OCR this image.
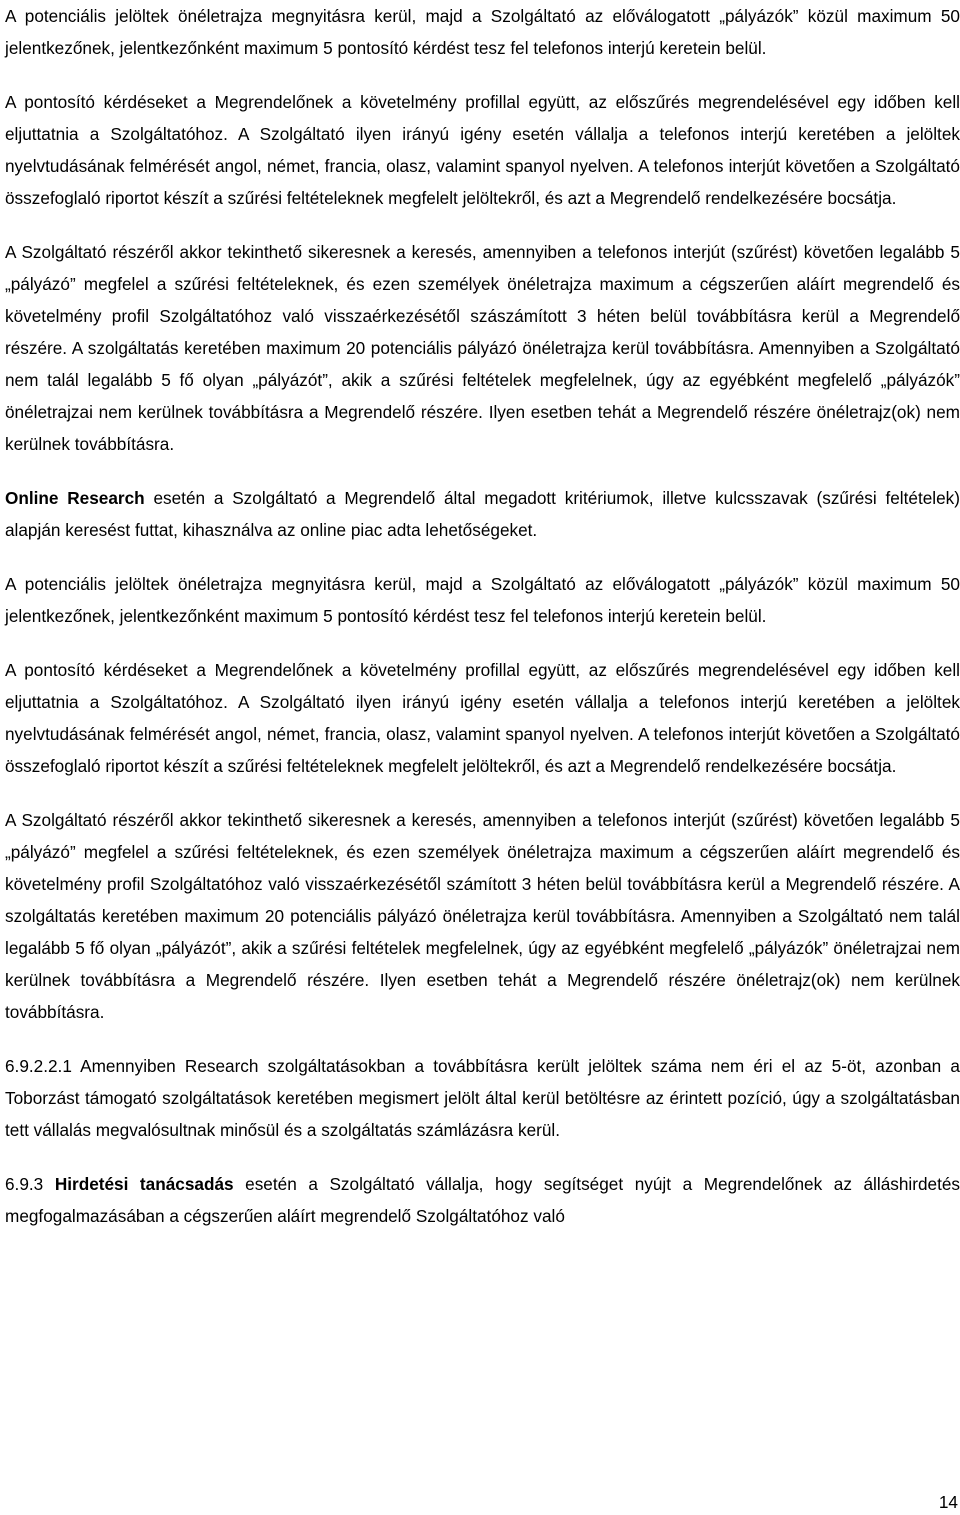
A potenciális jelöltek önéletrajza megnyitásra kerül, majd a Szolgáltató az előválogatott „pályázók” közül maximum 50 jelentkezőnek, jelentkezőnként maximum 5 pontosító kérdést tesz fel telefonos interjú keretein belül.

A pontosító kérdéseket a Megrendelőnek a követelmény profillal együtt, az előszűrés megrendelésével egy időben kell eljuttatnia a Szolgáltatóhoz. A Szolgáltató ilyen irányú igény esetén vállalja a telefonos interjú keretében a jelöltek nyelvtudásának felmérését angol, német, francia, olasz, valamint spanyol nyelven. A telefonos interjút követően a Szolgáltató összefoglaló riportot készít a szűrési feltételeknek megfelelt jelöltekről, és azt a Megrendelő rendelkezésére bocsátja.

A Szolgáltató részéről akkor tekinthető sikeresnek a keresés, amennyiben a telefonos interjút (szűrést) követően legalább 5 „pályázó” megfelel a szűrési feltételeknek, és ezen személyek önéletrajza maximum a cégszerűen aláírt megrendelő és követelmény profil Szolgáltatóhoz való visszaérkezésétől szászámított 3 héten belül továbbításra kerül a Megrendelő részére. A szolgáltatás keretében maximum 20 potenciális pályázó önéletrajza kerül továbbításra. Amennyiben a Szolgáltató nem talál legalább 5 fő olyan „pályázót”, akik a szűrési feltételek megfelelnek, úgy az egyébként megfelelő „pályázók” önéletrajzai nem kerülnek továbbításra a Megrendelő részére. Ilyen esetben tehát a Megrendelő részére önéletrajz(ok) nem kerülnek továbbításra.

Online Research esetén a Szolgáltató a Megrendelő által megadott kritériumok, illetve kulcsszavak (szűrési feltételek) alapján keresést futtat, kihasználva az online piac adta lehetőségeket.

A potenciális jelöltek önéletrajza megnyitásra kerül, majd a Szolgáltató az előválogatott „pályázók” közül maximum 50 jelentkezőnek, jelentkezőnként maximum 5 pontosító kérdést tesz fel telefonos interjú keretein belül.

A pontosító kérdéseket a Megrendelőnek a követelmény profillal együtt, az előszűrés megrendelésével egy időben kell eljuttatnia a Szolgáltatóhoz. A Szolgáltató ilyen irányú igény esetén vállalja a telefonos interjú keretében a jelöltek nyelvtudásának felmérését angol, német, francia, olasz, valamint spanyol nyelven. A telefonos interjút követően a Szolgáltató összefoglaló riportot készít a szűrési feltételeknek megfelelt jelöltekről, és azt a Megrendelő rendelkezésére bocsátja.

A Szolgáltató részéről akkor tekinthető sikeresnek a keresés, amennyiben a telefonos interjút (szűrést) követően legalább 5 „pályázó” megfelel a szűrési feltételeknek, és ezen személyek önéletrajza maximum a cégszerűen aláírt megrendelő és követelmény profil Szolgáltatóhoz való visszaérkezésétől számított 3 héten belül továbbításra kerül a Megrendelő részére. A szolgáltatás keretében maximum 20 potenciális pályázó önéletrajza kerül továbbításra. Amennyiben a Szolgáltató nem talál legalább 5 fő olyan „pályázót”, akik a szűrési feltételek megfelelnek, úgy az egyébként megfelelő „pályázók” önéletrajzai nem kerülnek továbbításra a Megrendelő részére. Ilyen esetben tehát a Megrendelő részére önéletrajz(ok) nem kerülnek továbbításra.

6.9.2.2.1 Amennyiben Research szolgáltatásokban a továbbításra került jelöltek száma nem éri el az 5-öt, azonban a Toborzást támogató szolgáltatások keretében megismert jelölt által kerül betöltésre az érintett pozíció, úgy a szolgáltatásban tett vállalás megvalósultnak minősül és a szolgáltatás számlázásra kerül.

6.9.3 Hirdetési tanácsadás esetén a Szolgáltató vállalja, hogy segítséget nyújt a Megrendelőnek az álláshirdetés megfogalmazásában a cégszerűen aláírt megrendelő Szolgáltatóhoz való

14
